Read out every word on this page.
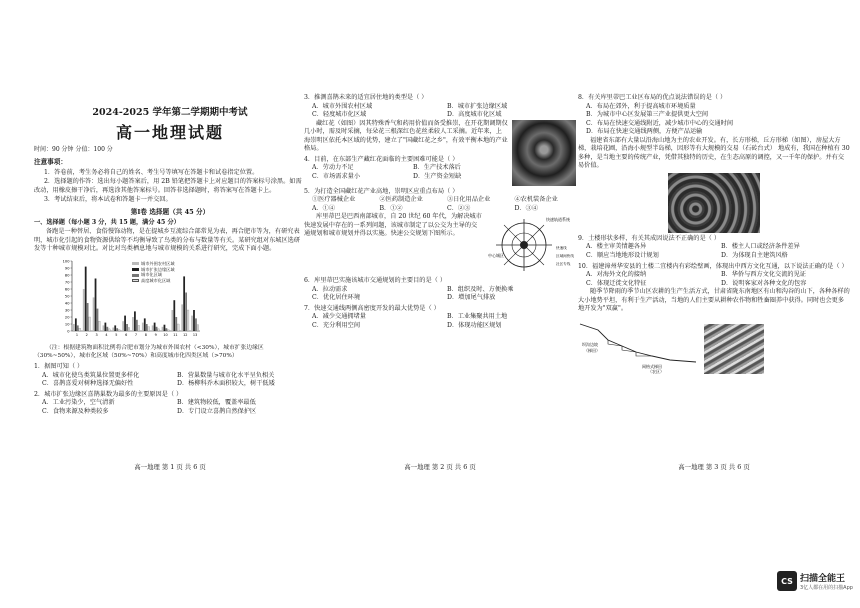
2024-2025 学年第二学期期中考试
高一地理试题
时间：90 分钟 分值：100 分
注意事项：
1．答卷前，考生务必将自己的姓名、考生号等填写在答题卡和试卷指定位置。
2．选择题的作答：选出每小题答案后，用 2B 铅笔把答题卡上对应题目的答案标号涂黑。如需改动，用橡皮擦干净后，再选涂其他答案标号。回答非选择题时，将答案写在答题卡上。
3．考试结束后，将本试卷和答题卡一并交回。
第Ⅰ卷 选择题（共 45 分）
一、选择题（每小题 3 分，共 15 题，满分 45 分）
备跑是一种替居、食俗慢饰动物，是在提城乡互流综合部常见为表，再合肥市等为，有研究表明，城市化引起的食物资源供给等不均衡导致了鸟类的分布与数量等有关。某研究组对东城区选研发等十种城市规模对比。对比对鸟类栖息地与城市规模的关系进行研究，完成下面小题。
0
10
20
30
40
50
60
70
80
90
100
1 2 3 4 5 6 7 8 9 10 11 12 13
城市外围农村区域
城市扩张边缘区域
城市化区域
高度城市化区域
（注：根据建筑物面积比例将合肥市划分为城市外围农村（<30%），城市扩张边缘区（30%~50%），城市化区域（50%~70%）和高度城市化四类区域（>70%）
1．据图可知（ ）
A．城市化使鸟类筑巢位置更多样化	B．营巢数量与城市化水平呈负相关
C．喜鹊喜爱对树种选择无偏好性	D．杨柳科乔木面积较大，树干低矮
2．城市扩张边缘区喜鹊巢数为最多的主要原因是（ ）
A．工业污染少，空气清新	B．建筑物较低，覆盖率最低
C．食物来源及种类较多	D．专门设立喜鹊自然保护区
3．推测喜鹊未来的适宜居住地的类型是（ ）
A．城市外围农村区域	B．城市扩张边缘区域
C．轻度城市化区域	D．高度城市化区域
藏红花（如图）因其特殊香气和药用价值而备受推崇，在开花期调期仅几小时，需及时采摘，每朵花三根深红色花丝柔较人工采摘。近年来，上海崇明区依托本区域的优势，建立了"国藏红花之乡"，有效平衡本地的产业格局。
4．目前，在东部生产藏红花面临的主要困难可能是（ ）
A．劳动力不足	B．生产技术落后
C．市场需求量小	D．生产资金短缺
5．为打造全国藏红花产业高地，崇明区应重点布局（ ）
①医疗器械企业	②医药制造企业	③日化用品企业	④农机装备企业
A．①④	B．①②	C．②③	D．③④
快速轨道系统
中心城区
快速线
区域间快线
社区专线
库里蒂巴是巴西南部城市，自 20 世纪 60 年代，为解决城市快速发展中存在的一系列问题，该城市制定了以公交为主导的交通规划和城市规划并得以实施。快速公交规划下图所示。
6．库里蒂巴实施该城市交通规划的主要目的是（ ）
A．拉动需求	B．组织及时、方便换乘
C．优化居住环境	D．增加尾气排放
7．快速交通线两侧高密度开发的最大优势是（ ）
A．减少交通拥堵量	B．工业集聚共用土地
C．充分利用空间	D．体现功能区规划
8．有关库里蒂巴工业区布局的优点说法错误的是（ ）
A．布局在郊外，利于提高城市环境质量
B．为城市中心区发展第三产业提供更大空间
C．布局在快速交通线附近，减少城市中心的交通时间
D．布局在快速交通线两侧，方便产品运输
福建省东部有大量以沿海山地为主的农业开发。有，长方形梯，丘方形梯（如图），房屋大方梯，栽培花圃，沿海小规型半岛梯，因形等有大规模的交易（石砖台式） 地成有，我国在种植有 30 多种，是当地主要的传统产业，凭借其独特的历史，在生态高原的调控，又一千年的保护。并有交易价值。
9．土楼形状多样，有关其成因说法不正确的是（ ）
A．楼主审美情趣各异	B．楼主人口或经济条件差异
C．顺应当地地形设计规划	D．为体现自主建筑风格
10．福建漳州华安县的土楼二宜楼内有彩绘壁画，体现出中西方文化互通，以下说法正确的是（ ）
A．对海外文化的接纳	B．华侨与西方文化交流的见证
C．体现迁徙文化特征	D．说明客家对各种文化的包容
随季节降雨的季节山区农耕的生产生活方式，甘肃省陇东南地区有山和沟谷的山下，各种各样的大小地势平坦，有利于生产活动，当地的人们主要从耕种农作物和牲畜圈养中获得。同时也会更多地开发为"双赢"。
坝沟边坡
（梯田）
网格式梯田
（农区）
高一地理 第 1 页 共 6 页	高一地理 第 2 页 共 6 页	高一地理 第 3 页 共 6 页
CS 扫描全能王
3亿人都在用的扫描App
